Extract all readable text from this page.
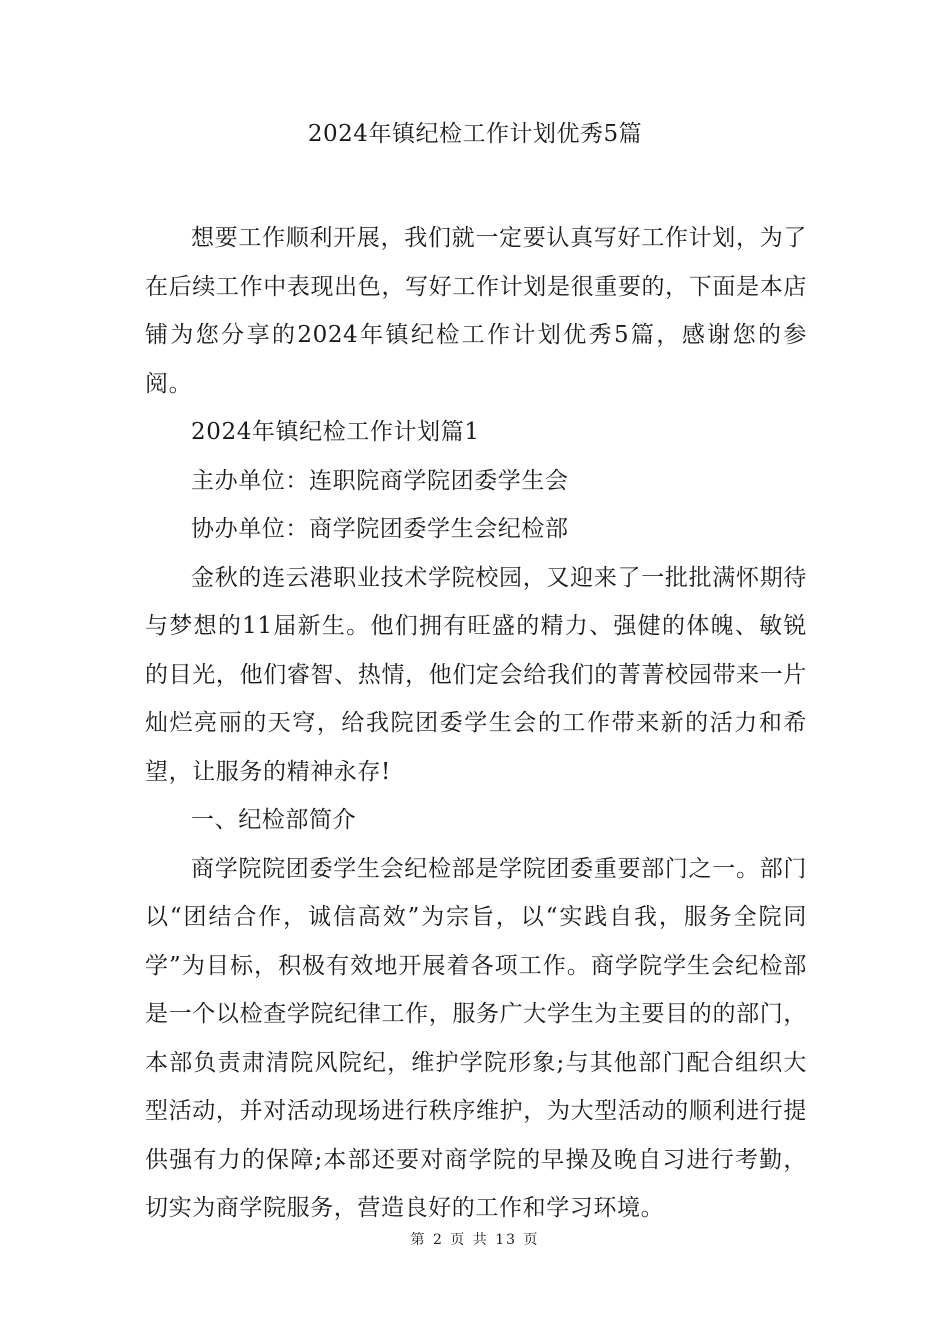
2024年镇纪检工作计划优秀5篇

想要工作顺利开展，我们就一定要认真写好工作计划，为了在后续工作中表现出色，写好工作计划是很重要的，下面是本店铺为您分享的2024年镇纪检工作计划优秀5篇，感谢您的参阅。

2024年镇纪检工作计划篇1

主办单位：连职院商学院团委学生会

协办单位：商学院团委学生会纪检部

金秋的连云港职业技术学院校园，又迎来了一批批满怀期待与梦想的11届新生。他们拥有旺盛的精力、强健的体魄、敏锐的目光，他们睿智、热情，他们定会给我们的菁菁校园带来一片灿烂亮丽的天穹，给我院团委学生会的工作带来新的活力和希望，让服务的精神永存!

一、纪检部简介

商学院院团委学生会纪检部是学院团委重要部门之一。部门以“团结合作，诚信高效”为宗旨，以“实践自我，服务全院同学”为目标，积极有效地开展着各项工作。商学院学生会纪检部是一个以检查学院纪律工作，服务广大学生为主要目的的部门，本部负责肃清院风院纪，维护学院形象;与其他部门配合组织大型活动，并对活动现场进行秩序维护，为大型活动的顺利进行提供强有力的保障;本部还要对商学院的早操及晚自习进行考勤，切实为商学院服务，营造良好的工作和学习环境。

第 2 页 共 13 页
